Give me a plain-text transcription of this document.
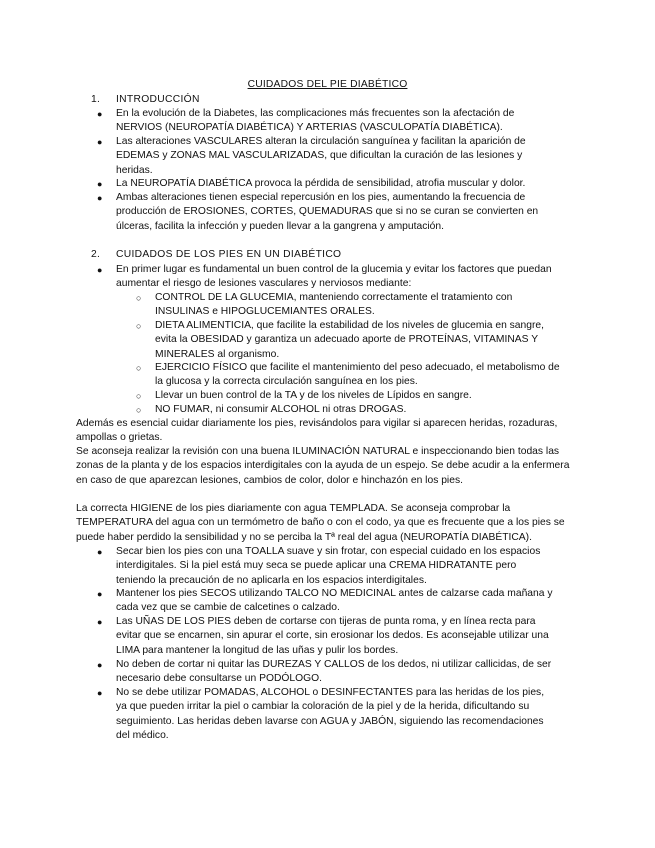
CUIDADOS DEL PIE DIABÉTICO
1. INTRODUCCIÓN
● En la evolución de la Diabetes, las complicaciones más frecuentes son la afectación de NERVIOS (NEUROPATÍA DIABÉTICA) Y ARTERIAS (VASCULOPATÍA DIABÉTICA).
● Las alteraciones VASCULARES alteran la circulación sanguínea y facilitan la aparición de EDEMAS y ZONAS MAL VASCULARIZADAS, que dificultan la curación de las lesiones y heridas.
● La NEUROPATÍA DIABÉTICA provoca la pérdida de sensibilidad, atrofia muscular y dolor.
● Ambas alteraciones tienen especial repercusión en los pies, aumentando la frecuencia de producción de EROSIONES, CORTES, QUEMADURAS que si no se curan se convierten en úlceras, facilita la infección y pueden llevar a la gangrena y amputación.
2. CUIDADOS DE LOS PIES EN UN DIABÉTICO
● En primer lugar es fundamental un buen control de la glucemia y evitar los factores que puedan aumentar el riesgo de lesiones vasculares y nerviosos mediante:
○ CONTROL DE LA GLUCEMIA, manteniendo correctamente el tratamiento con INSULINAS e HIPOGLUCEMIANTES ORALES.
○ DIETA ALIMENTICIA, que facilite la estabilidad de los niveles de glucemia en sangre, evita la OBESIDAD y garantiza un adecuado aporte de PROTEÍNAS, VITAMINAS Y MINERALES al organismo.
○ EJERCICIO FÍSICO que facilite el mantenimiento del peso adecuado, el metabolismo de la glucosa y la correcta circulación sanguínea en los pies.
○ Llevar un buen control de la TA y de los niveles de Lípidos en sangre.
○ NO FUMAR, ni consumir ALCOHOL ni otras DROGAS.
Además es esencial cuidar diariamente los pies, revisándolos para vigilar si aparecen heridas, rozaduras, ampollas o grietas.
Se aconseja realizar la revisión con una buena ILUMINACIÓN NATURAL e inspeccionando bien todas las zonas de la planta y de los espacios interdigitales con la ayuda de un espejo. Se debe acudir a la enfermera en caso de que aparezcan lesiones, cambios de color, dolor e hinchazón en los pies.
La correcta HIGIENE de los pies diariamente con agua TEMPLADA. Se aconseja comprobar la TEMPERATURA del agua con un termómetro de baño o con el codo, ya que es frecuente que a los pies se puede haber perdido la sensibilidad y no se perciba la Tª real del agua (NEUROPATÍA DIABÉTICA).
● Secar bien los pies con una TOALLA suave y sin frotar, con especial cuidado en los espacios interdigitales. Si la piel está muy seca se puede aplicar una CREMA HIDRATANTE pero teniendo la precaución de no aplicarla en los espacios interdigitales.
● Mantener los pies SECOS utilizando TALCO NO MEDICINAL antes de calzarse cada mañana y cada vez que se cambie de calcetines o calzado.
● Las UÑAS DE LOS PIES deben de cortarse con tijeras de punta roma, y en línea recta para evitar que se encarnen, sin apurar el corte, sin erosionar los dedos. Es aconsejable utilizar una LIMA para mantener la longitud de las uñas y pulir los bordes.
● No deben de cortar ni quitar las DUREZAS Y CALLOS de los dedos, ni utilizar callicidas, de ser necesario debe consultarse un PODÓLOGO.
● No se debe utilizar POMADAS, ALCOHOL o DESINFECTANTES para las heridas de los pies, ya que pueden irritar la piel o cambiar la coloración de la piel y de la herida, dificultando su seguimiento. Las heridas deben lavarse con AGUA y JABÓN, siguiendo las recomendaciones del médico.
